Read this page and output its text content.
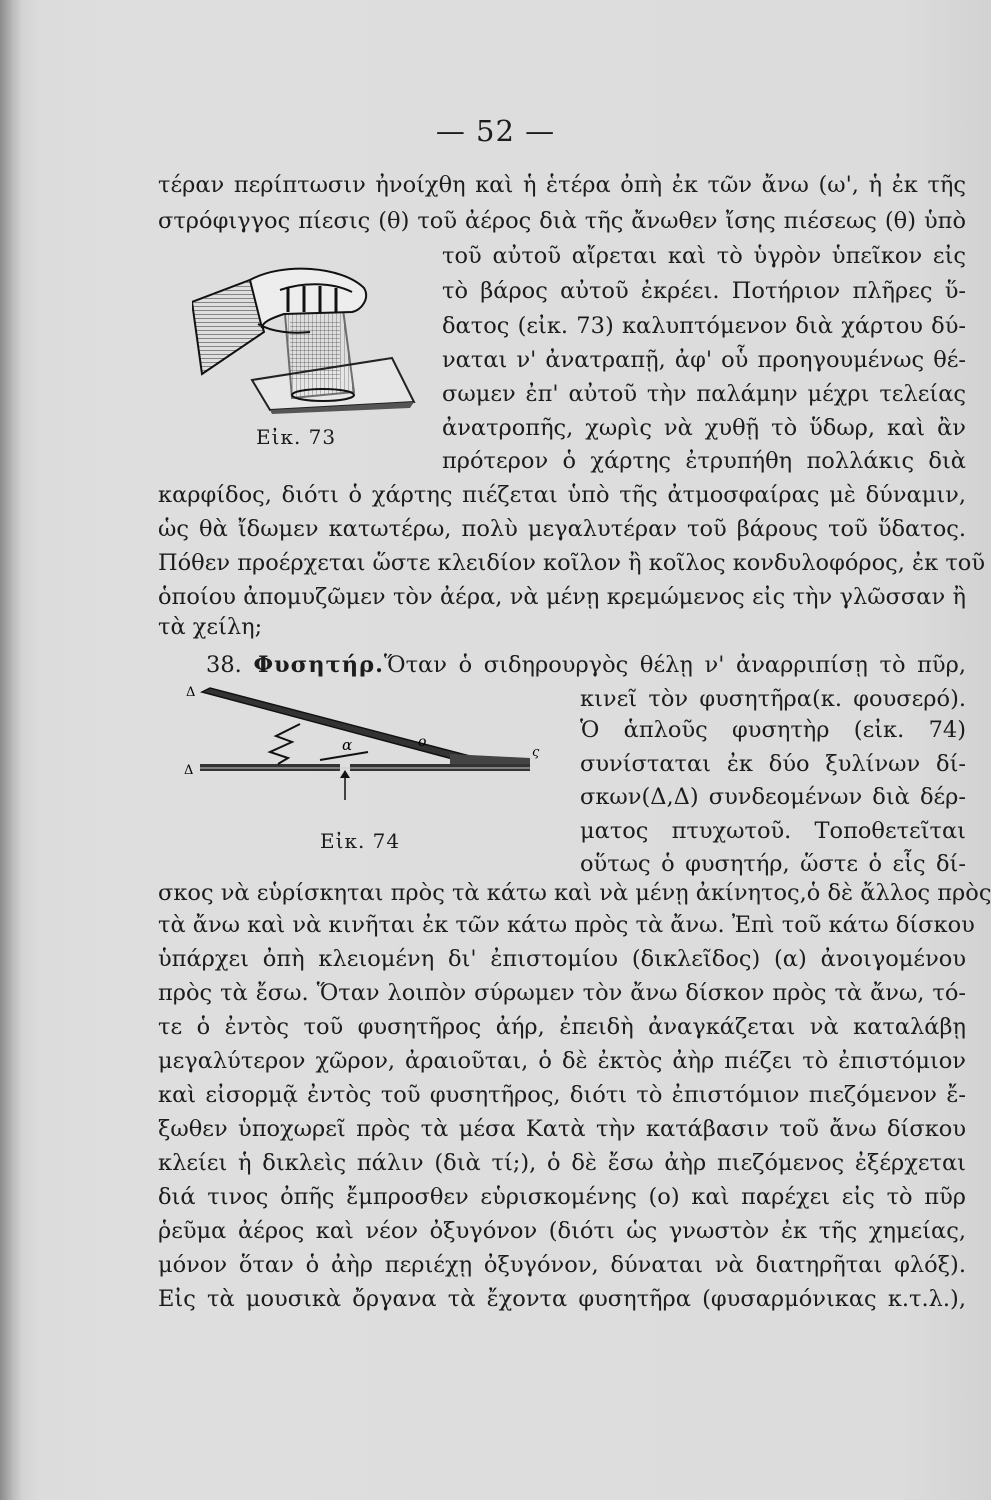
— 52 —
τέραν περίπτωσιν ἠνοίχθη καὶ ἡ ἑτέρα ὀπὴ ἐκ τῶν ἄνω (ω', ἡ ἐκ τῆς
στρόφιγγος πίεσις (θ) τοῦ ἀέρος διὰ τῆς ἄνωθεν ἴσης πιέσεως (θ) ὑπὸ
τοῦ αὐτοῦ αἴρεται καὶ τὸ ὑγρὸν ὑπεῖκον εἰς
τὸ βάρος αὐτοῦ ἐκρέει. Ποτήριον πλῆρες ὕ-
δατος (εἰκ. 73) καλυπτόμενον διὰ χάρτου δύ-
ναται ν' ἀνατραπῇ, ἀφ' οὗ προηγουμένως θέ-
σωμεν ἐπ' αὐτοῦ τὴν παλάμην μέχρι τελείας
ἀνατροπῆς, χωρὶς νὰ χυθῇ τὸ ὕδωρ, καὶ ἂν
πρότερον ὁ χάρτης ἐτρυπήθη πολλάκις διὰ
Εἰκ. 73
καρφίδος, διότι ὁ χάρτης πιέζεται ὑπὸ τῆς ἀτμοσφαίρας μὲ δύναμιν,
ὡς θὰ ἴδωμεν κατωτέρω, πολὺ μεγαλυτέραν τοῦ βάρους τοῦ ὕδατος.
Πόθεν προέρχεται ὥστε κλειδίον κοῖλον ἢ κοῖλος κονδυλοφόρος, ἐκ τοῦ
ὁποίου ἀπομυζῶμεν τὸν ἀέρα, νὰ μένῃ κρεμώμενος εἰς τὴν γλῶσσαν ἢ
τὰ χείλη;
38. Φυσητήρ.Ὅταν ὁ σιδηρουργὸς θέλῃ ν' ἀναρριπίσῃ τὸ πῦρ,
κινεῖ τὸν φυσητῆρα(κ. φουσερό).
Ὁ ἁπλοῦς φυσητὴρ (εἰκ. 74)
συνίσταται ἐκ δύο ξυλίνων δί-
σκων(Δ,Δ) συνδεομένων διὰ δέρ-
ματος πτυχωτοῦ. Τοποθετεῖται
οὕτως ὁ φυσητήρ, ὥστε ὁ εἷς δί-
Δ
Δ
α	ο
ς
Εἰκ. 74
σκος νὰ εὑρίσκηται πρὸς τὰ κάτω καὶ νὰ μένῃ ἀκίνητος,ὁ δὲ ἄλλος πρὸς
τὰ ἄνω καὶ νὰ κινῆται ἐκ τῶν κάτω πρὸς τὰ ἄνω. Ἐπὶ τοῦ κάτω δίσκου
ὑπάρχει ὀπὴ κλειομένη δι' ἐπιστομίου (δικλεῖδος) (α) ἀνοιγομένου
πρὸς τὰ ἔσω. Ὅταν λοιπὸν σύρωμεν τὸν ἄνω δίσκον πρὸς τὰ ἄνω, τό-
τε ὁ ἐντὸς τοῦ φυσητῆρος ἀήρ, ἐπειδὴ ἀναγκάζεται νὰ καταλάβῃ
μεγαλύτερον χῶρον, ἀραιοῦται, ὁ δὲ ἐκτὸς ἀὴρ πιέζει τὸ ἐπιστόμιον
καὶ εἰσορμᾷ ἐντὸς τοῦ φυσητῆρος, διότι τὸ ἐπιστόμιον πιεζόμενον ἔ-
ξωθεν ὑποχωρεῖ πρὸς τὰ μέσα Κατὰ τὴν κατάβασιν τοῦ ἄνω δίσκου
κλείει ἡ δικλεὶς πάλιν (διὰ τί;), ὁ δὲ ἔσω ἀὴρ πιεζόμενος ἐξέρχεται
διά τινος ὀπῆς ἔμπροσθεν εὑρισκομένης (ο) καὶ παρέχει εἰς τὸ πῦρ
ῥεῦμα ἀέρος καὶ νέον ὀξυγόνον (διότι ὡς γνωστὸν ἐκ τῆς χημείας,
μόνον ὅταν ὁ ἀὴρ περιέχῃ ὀξυγόνον, δύναται νὰ διατηρῆται φλόξ).
Εἰς τὰ μουσικὰ ὄργανα τὰ ἔχοντα φυσητῆρα (φυσαρμόνικας κ.τ.λ.),
